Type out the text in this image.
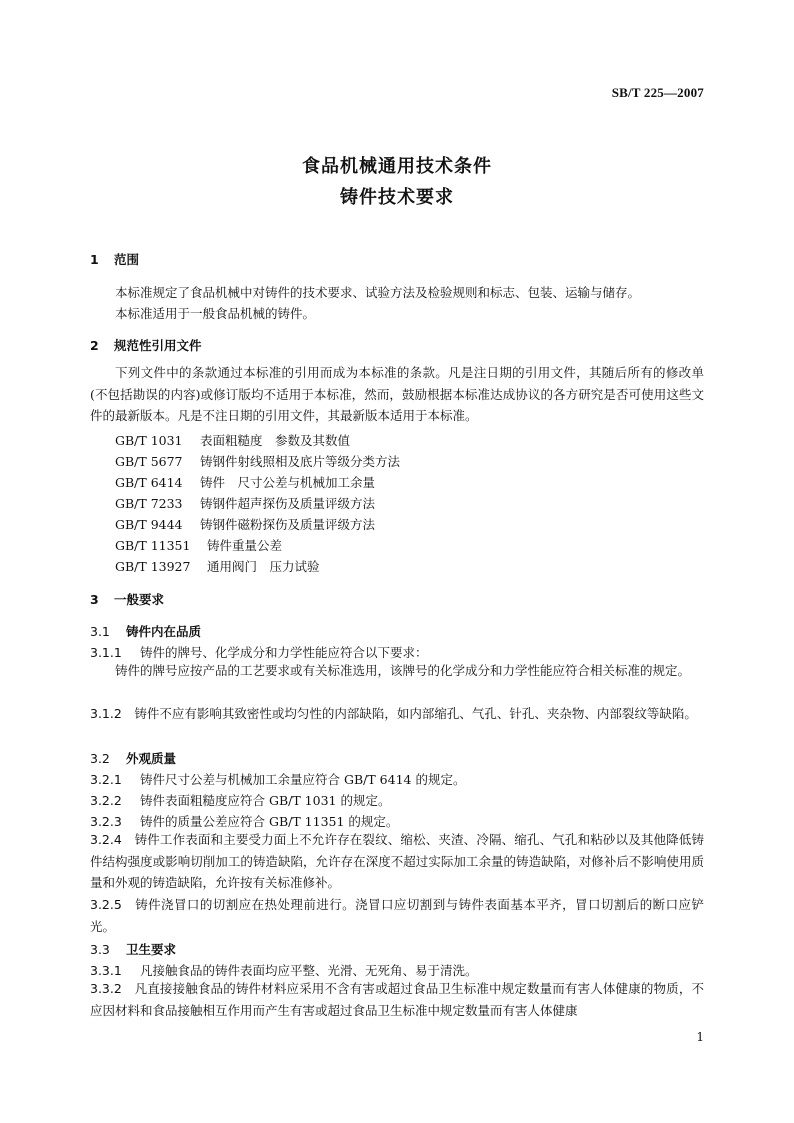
SB/T 225—2007
食品机械通用技术条件
铸件技术要求
1 范围
本标准规定了食品机械中对铸件的技术要求、试验方法及检验规则和标志、包装、运输与储存。
本标准适用于一般食品机械的铸件。
2 规范性引用文件

下列文件中的条款通过本标准的引用而成为本标准的条款。凡是注日期的引用文件，其随后所有的修改单(不包括勘误的内容)或修订版均不适用于本标准，然而，鼓励根据本标准达成协议的各方研究是否可使用这些文件的最新版本。凡是不注日期的引用文件，其最新版本适用于本标准。

GB/T 1031 表面粗糙度　参数及其数值
GB/T 5677 铸钢件射线照相及底片等级分类方法
GB/T 6414 铸件　尺寸公差与机械加工余量
GB/T 7233 铸钢件超声探伤及质量评级方法
GB/T 9444 铸钢件磁粉探伤及质量评级方法
GB/T 11351 铸件重量公差
GB/T 13927 通用阀门　压力试验
3 一般要求
3.1 铸件内在品质
3.1.1 铸件的牌号、化学成分和力学性能应符合以下要求：

铸件的牌号应按产品的工艺要求或有关标准选用，该牌号的化学成分和力学性能应符合相关标准的规定。

3.1.2　 铸件不应有影响其致密性或均匀性的内部缺陷，如内部缩孔、气孔、针孔、夹杂物、内部裂纹等缺陷。

3.2 外观质量
3.2.1 铸件尺寸公差与机械加工余量应符合 GB/T 6414 的规定。
3.2.2 铸件表面粗糙度应符合 GB/T 1031 的规定。
3.2.3 铸件的质量公差应符合 GB/T 11351 的规定。

3.2.4　 铸件工作表面和主要受力面上不允许存在裂纹、缩松、夹渣、冷隔、缩孔、气孔和粘砂以及其他降低铸件结构强度或影响切削加工的铸造缺陷，允许存在深度不超过实际加工余量的铸造缺陷，对修补后不影响使用质量和外观的铸造缺陷，允许按有关标准修补。

3.2.5　 铸件浇冒口的切割应在热处理前进行。浇冒口应切割到与铸件表面基本平齐，冒口切割后的断口应铲光。

3.3 卫生要求
3.3.1 凡接触食品的铸件表面均应平整、光滑、无死角、易于清洗。

3.3.2　 凡直接接触食品的铸件材料应采用不含有害或超过食品卫生标准中规定数量而有害人体健康的物质，不应因材料和食品接触相互作用而产生有害或超过食品卫生标准中规定数量而有害人体健康

1
